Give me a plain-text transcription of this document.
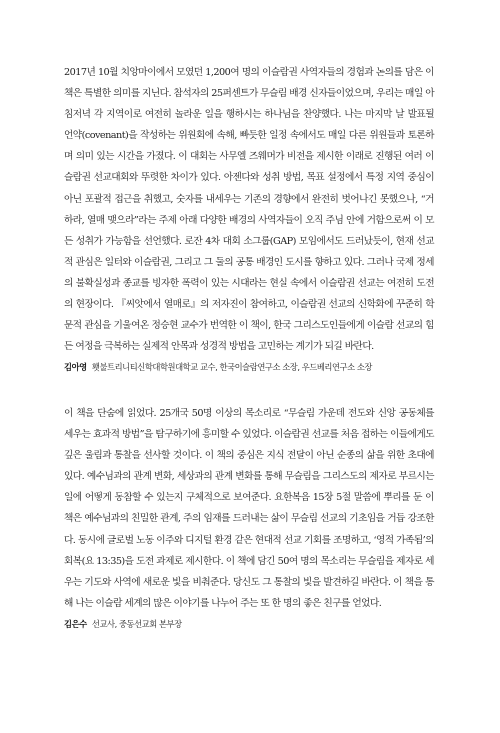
2017년 10월 치앙마이에서 모였던 1,200여 명의 이슬람권 사역자들의 경험과 논의를 담은 이 책은 특별한 의미를 지닌다. 참석자의 25퍼센트가 무슬림 배경 신자들이었으며, 우리는 매일 아침저녁 각 지역이로 여전히 놀라운 일을 행하시는 하나님을 찬양했다. 나는 마지막 날 발표될 언약(covenant)을 작성하는 위원회에 속해, 빠듯한 일정 속에서도 매일 다른 위원들과 토론하며 의미 있는 시간을 가졌다. 이 대회는 사무엘 즈웨머가 비전을 제시한 이래로 진행된 여러 이슬람권 선교대회와 뚜렷한 차이가 있다. 아젠다와 성취 방법, 목표 설정에서 특정 지역 중심이 아닌 포괄적 접근을 취했고, 숫자를 내세우는 기존의 경향에서 완전히 벗어나긴 못했으나, “거하라, 열매 맺으라”라는 주제 아래 다양한 배경의 사역자들이 오직 주님 안에 거함으로써 이 모든 성취가 가능함을 선언했다. 로잔 4차 대회 소그룹(GAP) 모임에서도 드러났듯이, 현재 선교적 관심은 일터와 이슬람권, 그리고 그 둘의 공통 배경인 도시를 향하고 있다. 그러나 국제 정세의 불확실성과 종교를 빙자한 폭력이 있는 시대라는 현실 속에서 이슬람권 선교는 여전히 도전의 현장이다. 『씨앗에서 열매로』의 저자진이 참여하고, 이슬람권 선교의 신학화에 꾸준히 학문적 관심을 기울여온 정승현 교수가 번역한 이 책이, 한국 그리스도인들에게 이슬람 선교의 힘든 여정을 극복하는 실제적 안목과 성경적 방법을 고민하는 계기가 되길 바란다.

김아영 횃불트리니티신학대학원대학교 교수, 한국이슬람연구소 소장, 우드베리연구소 소장

이 책을 단숨에 읽었다. 25개국 50명 이상의 목소리로 “무슬림 가운데 전도와 신앙 공동체를 세우는 효과적 방법”을 탐구하기에 흥미할 수 있었다. 이슬람권 선교를 처음 접하는 이들에게도 깊은 울림과 통찰을 선사할 것이다. 이 책의 중심은 지식 전달이 아닌 순종의 삶을 위한 초대에 있다. 예수님과의 관계 변화, 세상과의 관계 변화를 통해 무슬림을 그리스도의 제자로 부르시는 일에 어떻게 동참할 수 있는지 구체적으로 보여준다. 요한복음 15장 5절 말씀에 뿌리를 둔 이 책은 예수님과의 친밀한 관계, 주의 임재를 드러내는 삶이 무슬림 선교의 기초임을 거듭 강조한다. 동시에 글로벌 노동 이주와 디지털 환경 같은 현대적 선교 기회를 조명하고, ‘영적 가족됨’의 회복(요 13:35)을 도전 과제로 제시한다. 이 책에 담긴 50여 명의 목소리는 무슬림을 제자로 세우는 기도와 사역에 새로운 빛을 비춰준다. 당신도 그 통찰의 빛을 발견하길 바란다. 이 책을 통해 나는 이슬람 세계의 많은 이야기를 나누어 주는 또 한 명의 좋은 친구를 얻었다.

김은수 선교사, 중동선교회 본부장
